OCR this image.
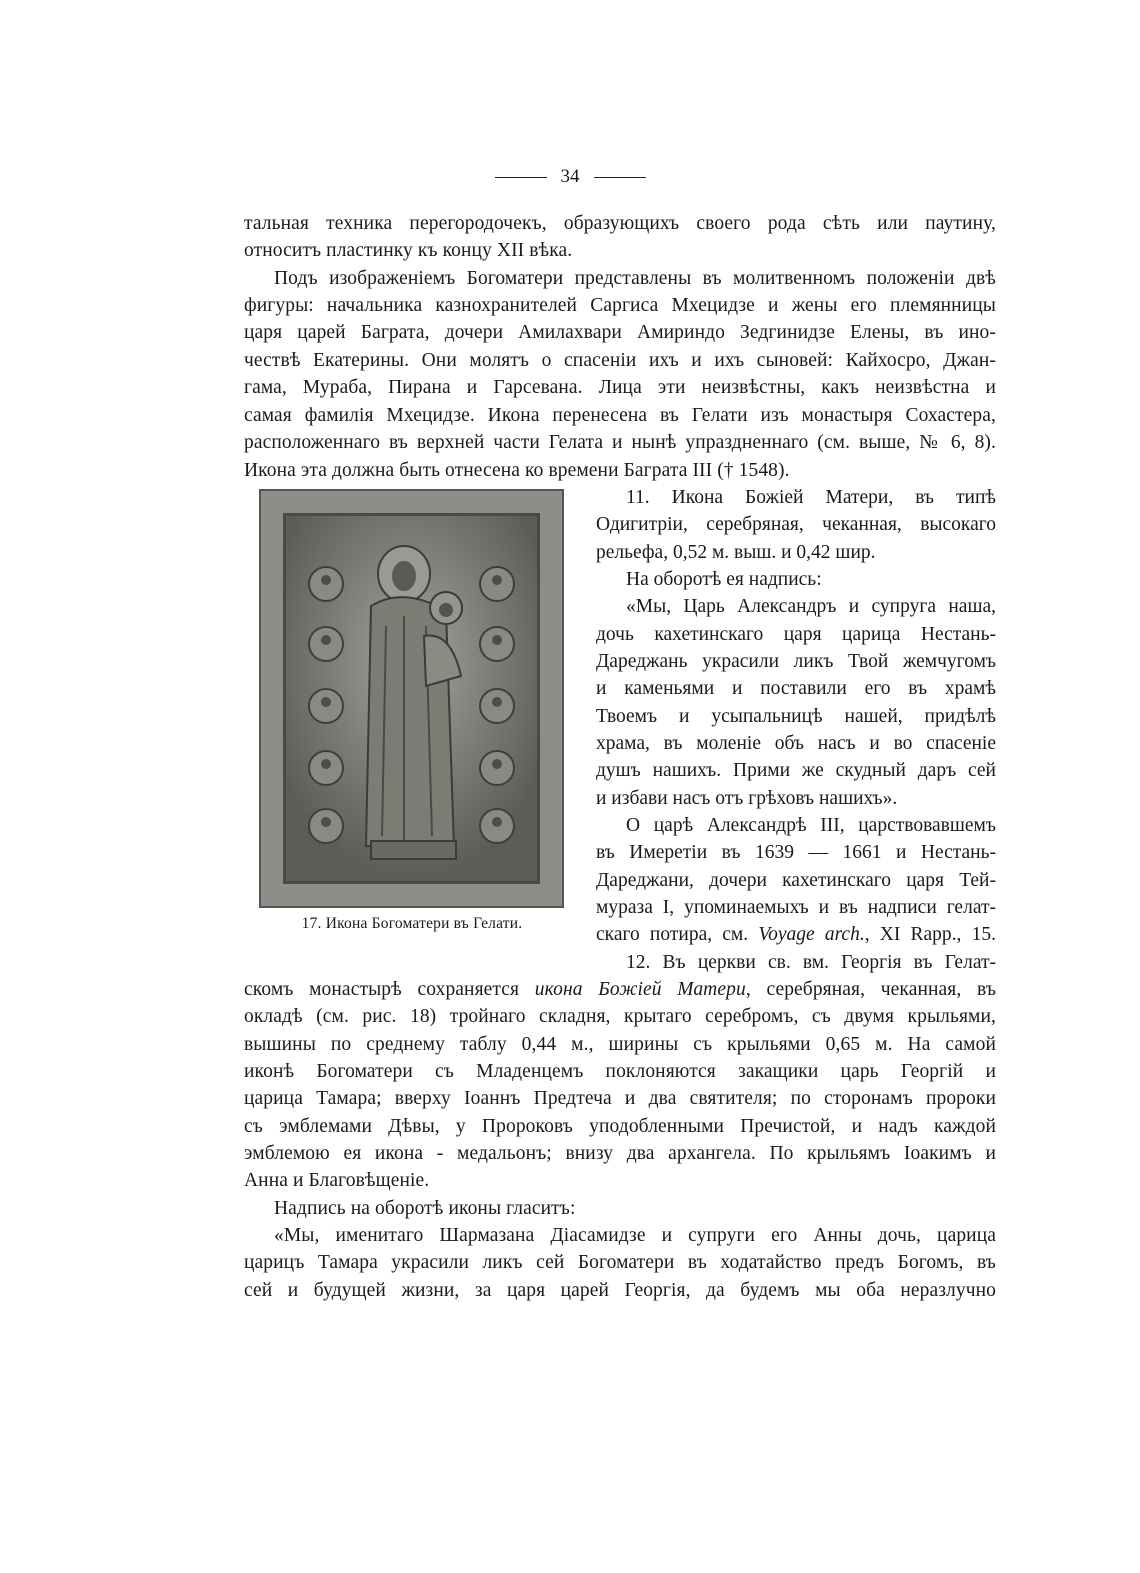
34
тальная техника перегородочекъ, образующихъ своего рода сѣть или паутину,
относитъ пластинку къ концу XII вѣка.
Подъ изображеніемъ Богоматери представлены въ молитвенномъ положеніи двѣ
фигуры: начальника казнохранителей Саргиса Мхецидзе и жены его племянницы
царя царей Баграта, дочери Амилахвари Амириндо Зедгинидзе Елены, въ ино-
чествѣ Екатерины. Они молятъ о спасеніи ихъ и ихъ сыновей: Кайхосро, Джан-
гама, Мураба, Пирана и Гарсевана. Лица эти неизвѣстны, какъ неизвѣстна и
самая фамилія Мхецидзе. Икона перенесена въ Гелати изъ монастыря Сохастера,
расположеннаго въ верхней части Гелата и нынѣ упраздненнаго (см. выше, № 6, 8).
Икона эта должна быть отнесена ко времени Баграта III († 1548).
17. Икона Богоматери въ Гелати.
11. Икона Божіей Матери, въ типѣ
Одигитріи, серебряная, чеканная, высокаго
рельефа, 0,52 м. выш. и 0,42 шир.
На оборотѣ ея надпись:
«Мы, Царь Александръ и супруга наша,
дочь кахетинскаго царя царица Нестань-
Дареджань украсили ликъ Твой жемчугомъ
и каменьями и поставили его въ храмѣ
Твоемъ и усыпальницѣ нашей, придѣлѣ
храма, въ моленіе объ насъ и во спасеніе
душъ нашихъ. Прими же скудный даръ сей
и избави насъ отъ грѣховъ нашихъ».
О царѣ Александрѣ III, царствовавшемъ
въ Имеретіи въ 1639 — 1661 и Нестань-
Дареджани, дочери кахетинскаго царя Тей-
муразa I, упоминаемыхъ и въ надписи гелат-
скаго потира, см. Voyage arch., XI Rapp., 15.
12. Въ церкви св. вм. Георгія въ Гелат-
скомъ монастырѣ сохраняется икона Божіей Матери, серебряная, чеканная, въ
окладѣ (см. рис. 18) тройнаго складня, крытаго серебромъ, съ двумя крыльями,
вышины по среднему таблу 0,44 м., ширины съ крыльями 0,65 м. На самой
иконѣ Богоматери съ Младенцемъ поклоняются закащики царь Георгій и
царица Тамара; вверху Іоаннъ Предтеча и два святителя; по сторонамъ пророки
съ эмблемами Дѣвы, у Пророковъ уподобленными Пречистой, и надъ каждой
эмблемою ея икона - медальонъ; внизу два архангела. По крыльямъ Іоакимъ и
Анна и Благовѣщеніе.
Надпись на оборотѣ иконы гласитъ:
«Мы, именитаго Шармазана Діасамидзе и супруги его Анны дочь, царица
царицъ Тамара украсили ликъ сей Богоматери въ ходатайство предъ Богомъ, въ
сей и будущей жизни, за царя царей Георгія, да будемъ мы оба неразлучно
